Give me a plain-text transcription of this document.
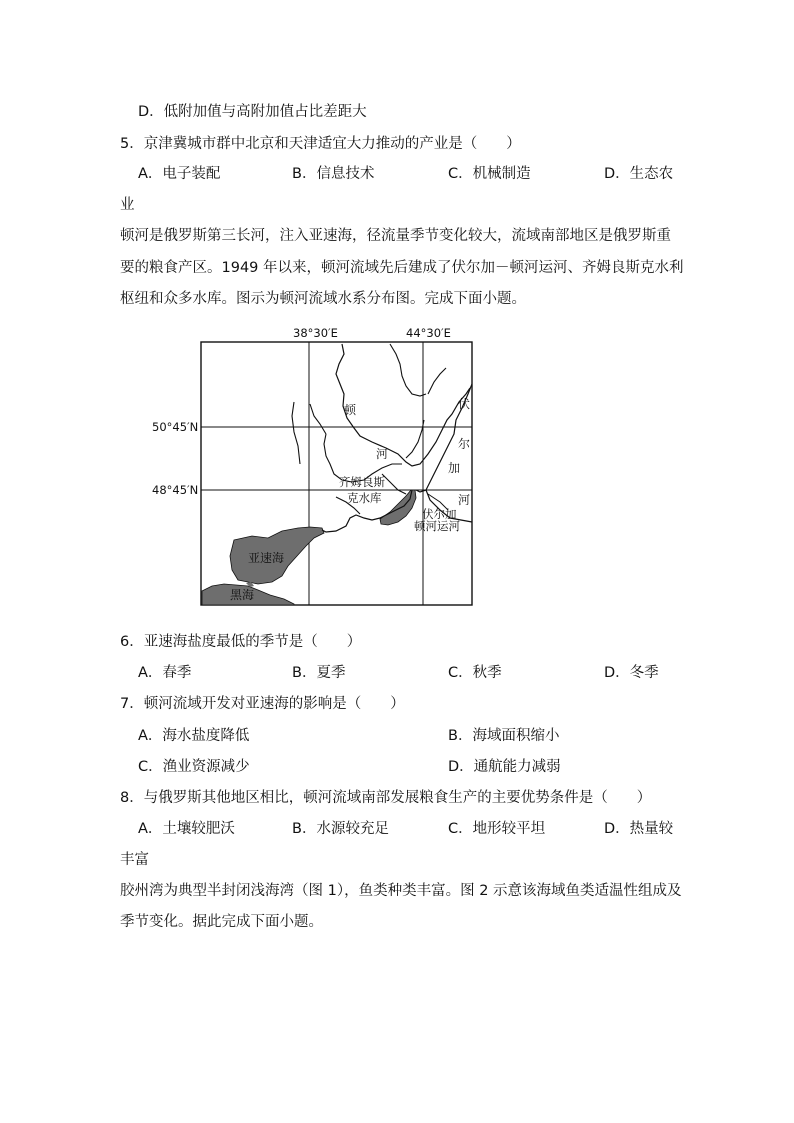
D．低附加值与高附加值占比差距大
5．京津冀城市群中北京和天津适宜大力推动的产业是（　　）
A．电子装配	B．信息技术	C．机械制造	D．生态农
业
顿河是俄罗斯第三长河，注入亚速海，径流量季节变化较大，流域南部地区是俄罗斯重
要的粮食产区。1949 年以来，顿河流域先后建成了伏尔加－顿河运河、齐姆良斯克水利
枢纽和众多水库。图示为顿河流域水系分布图。完成下面小题。
38°30′E	44°30′E
50°45′N
48°45′N
顿
河
伏
尔
加
河
齐姆良斯
克水库
伏尔加
顿河运河
亚速海
黑海
6．亚速海盐度最低的季节是（　　）
A．春季	B．夏季	C．秋季	D．冬季
7．顿河流域开发对亚速海的影响是（　　）
A．海水盐度降低	B．海域面积缩小
C．渔业资源减少	D．通航能力减弱
8．与俄罗斯其他地区相比，顿河流域南部发展粮食生产的主要优势条件是（　　）
A．土壤较肥沃	B．水源较充足	C．地形较平坦	D．热量较
丰富
胶州湾为典型半封闭浅海湾（图 1），鱼类种类丰富。图 2 示意该海域鱼类适温性组成及
季节变化。据此完成下面小题。
